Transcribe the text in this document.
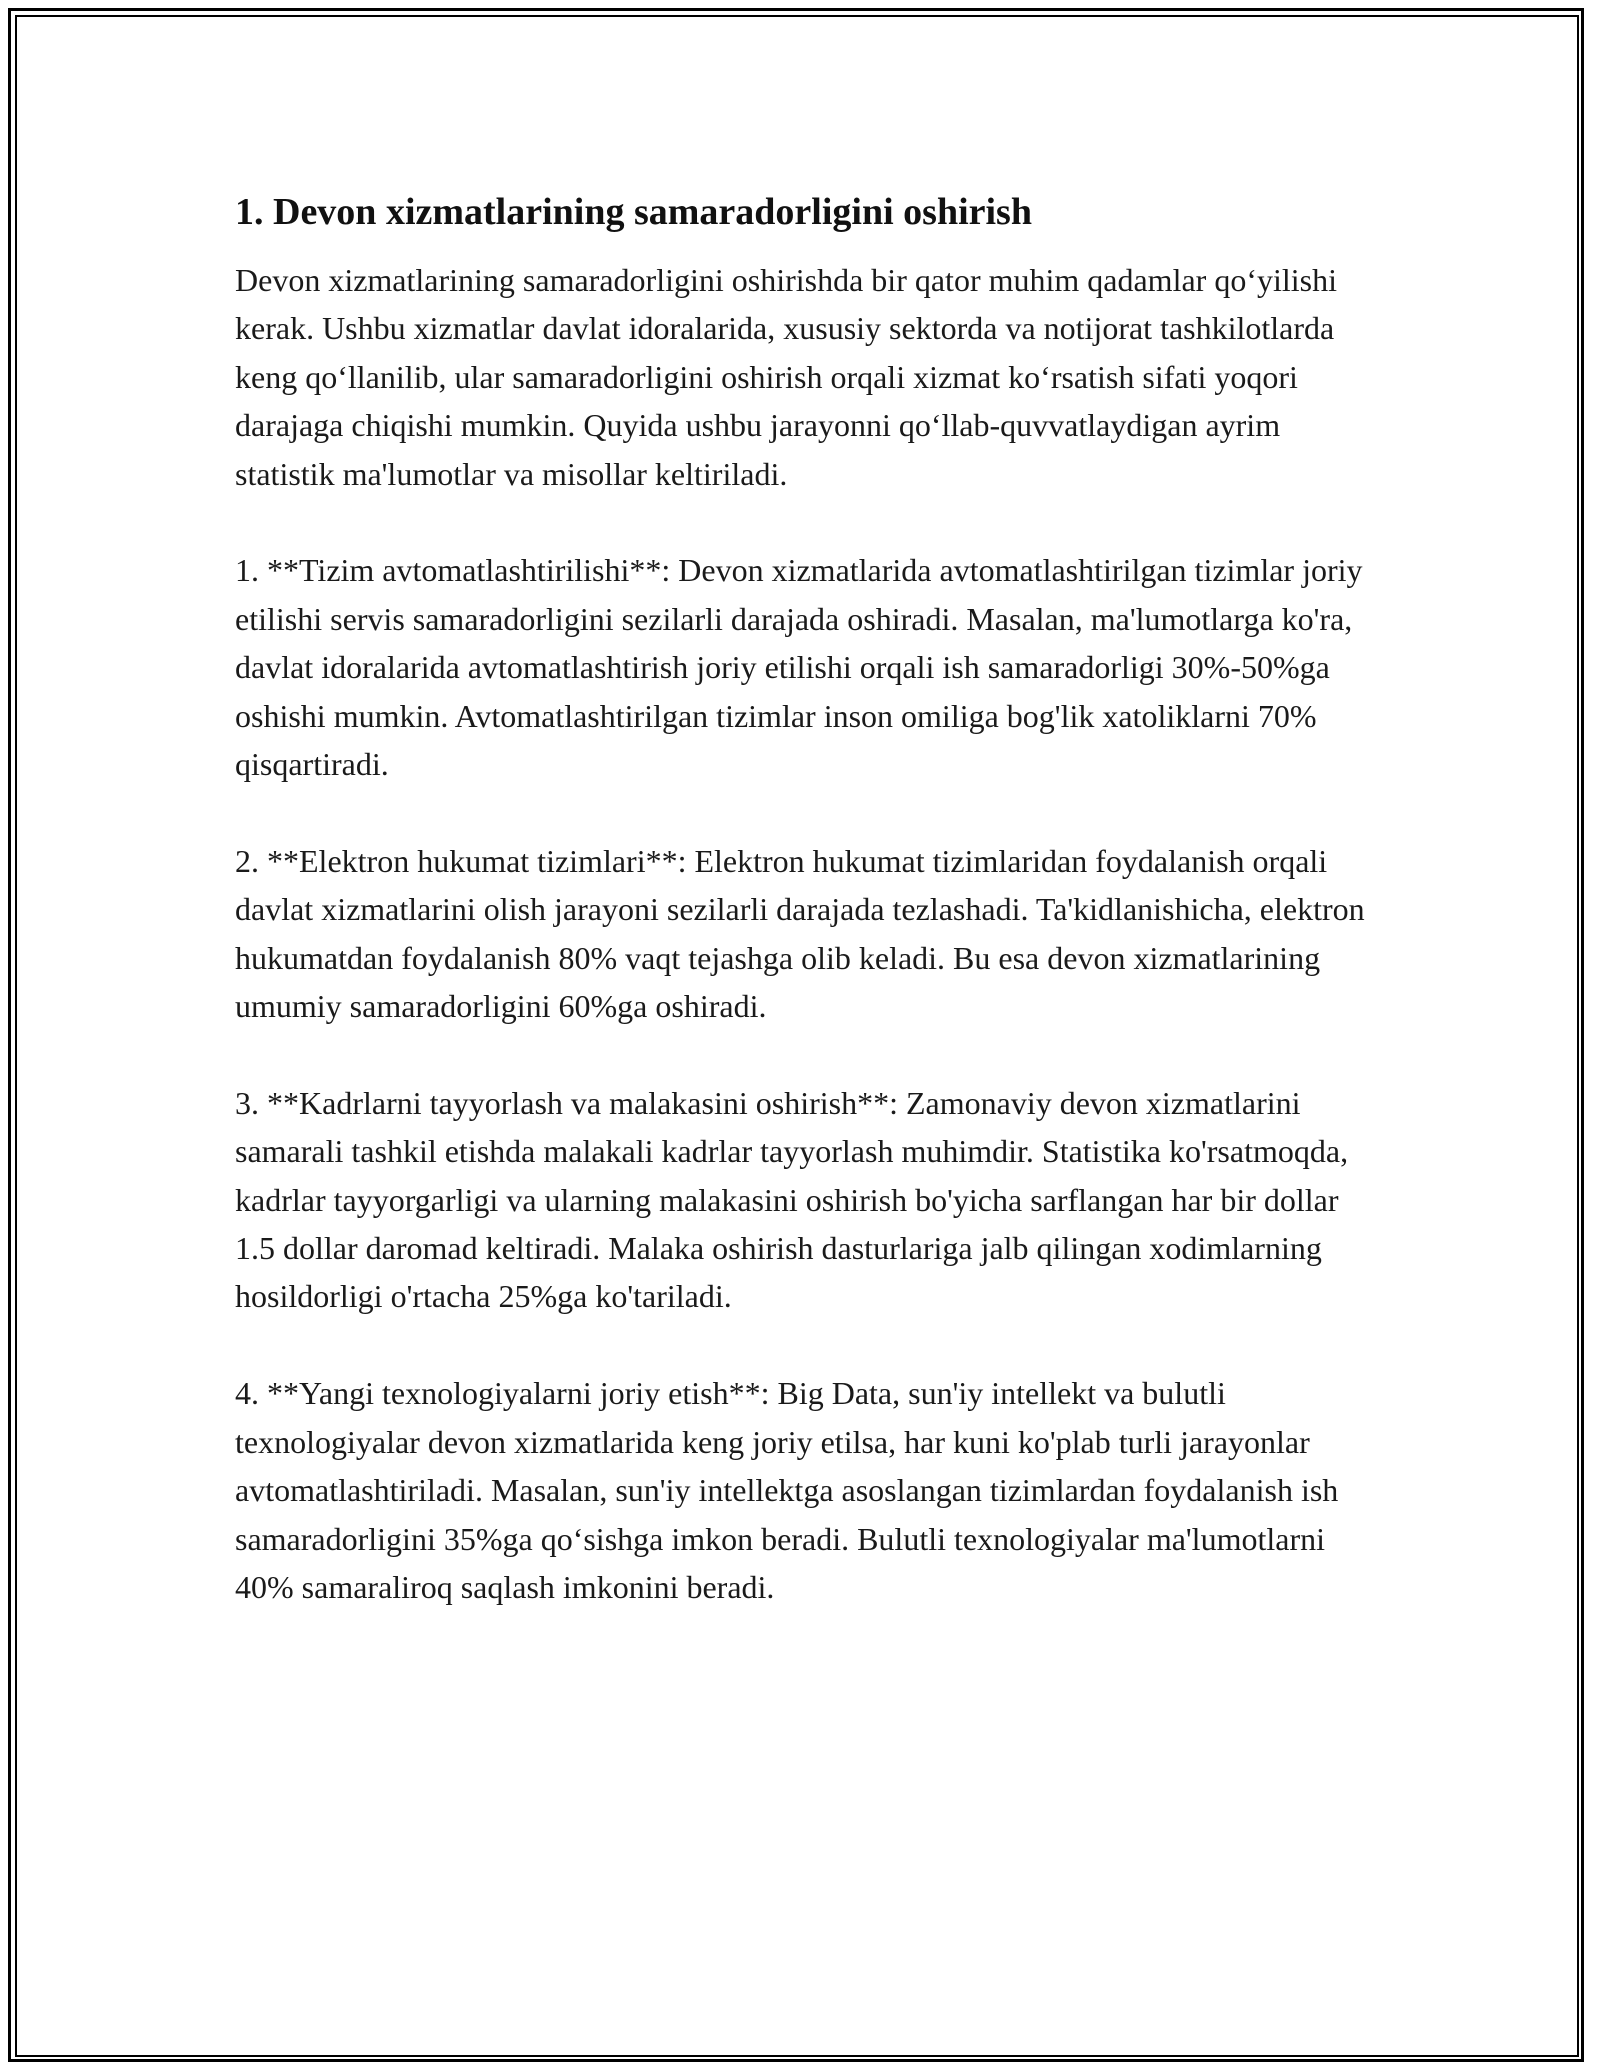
1. Devon xizmatlarining samaradorligini oshirish

Devon xizmatlarining samaradorligini oshirishda bir qator muhim qadamlar qo‘yilishi kerak. Ushbu xizmatlar davlat idoralarida, xususiy sektorda va notijorat tashkilotlarda keng qo‘llanilib, ular samaradorligini oshirish orqali xizmat ko‘rsatish sifati yoqori darajaga chiqishi mumkin. Quyida ushbu jarayonni qo‘llab-quvvatlaydigan ayrim statistik ma'lumotlar va misollar keltiriladi.

1. **Tizim avtomatlashtirilishi**: Devon xizmatlarida avtomatlashtirilgan tizimlar joriy etilishi servis samaradorligini sezilarli darajada oshiradi. Masalan, ma'lumotlarga ko'ra, davlat idoralarida avtomatlashtirish joriy etilishi orqali ish samaradorligi 30%-50%ga oshishi mumkin. Avtomatlashtirilgan tizimlar inson omiliga bog'lik xatoliklarni 70% qisqartiradi.

2. **Elektron hukumat tizimlari**: Elektron hukumat tizimlaridan foydalanish orqali davlat xizmatlarini olish jarayoni sezilarli darajada tezlashadi. Ta'kidlanishicha, elektron hukumatdan foydalanish 80% vaqt tejashga olib keladi. Bu esa devon xizmatlarining umumiy samaradorligini 60%ga oshiradi.

3. **Kadrlarni tayyorlash va malakasini oshirish**: Zamonaviy devon xizmatlarini samarali tashkil etishda malakali kadrlar tayyorlash muhimdir. Statistika ko'rsatmoqda, kadrlar tayyorgarligi va ularning malakasini oshirish bo'yicha sarflangan har bir dollar 1.5 dollar daromad keltiradi. Malaka oshirish dasturlariga jalb qilingan xodimlarning hosildorligi o'rtacha 25%ga ko'tariladi.

4. **Yangi texnologiyalarni joriy etish**: Big Data, sun'iy intellekt va bulutli texnologiyalar devon xizmatlarida keng joriy etilsa, har kuni ko'plab turli jarayonlar avtomatlashtiriladi. Masalan, sun'iy intellektga asoslangan tizimlardan foydalanish ish samaradorligini 35%ga qo‘sishga imkon beradi. Bulutli texnologiyalar ma'lumotlarni 40% samaraliroq saqlash imkonini beradi.
